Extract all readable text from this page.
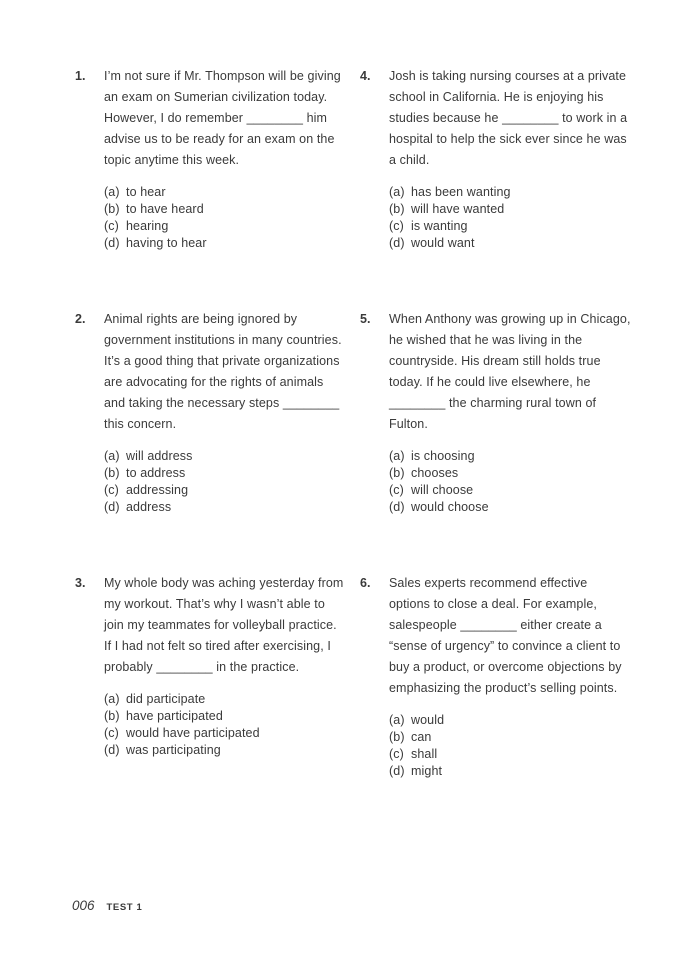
1.	I’m not sure if Mr. Thompson will be giving an exam on Sumerian civilization today. However, I do remember ________ him advise us to be ready for an exam on the topic anytime this week.

(a) to hear
(b) to have heard
(c) hearing
(d) having to hear
4.	Josh is taking nursing courses at a private school in California. He is enjoying his studies because he ________ to work in a hospital to help the sick ever since he was a child.

(a) has been wanting
(b) will have wanted
(c) is wanting
(d) would want
2.	Animal rights are being ignored by government institutions in many countries. It’s a good thing that private organizations are advocating for the rights of animals and taking the necessary steps ________ this concern.

(a) will address
(b) to address
(c) addressing
(d) address
5.	When Anthony was growing up in Chicago, he wished that he was living in the countryside. His dream still holds true today. If he could live elsewhere, he ________ the charming rural town of Fulton.

(a) is choosing
(b) chooses
(c) will choose
(d) would choose
3.	My whole body was aching yesterday from my workout. That’s why I wasn’t able to join my teammates for volleyball practice. If I had not felt so tired after exercising, I probably ________ in the practice.

(a) did participate
(b) have participated
(c) would have participated
(d) was participating
6.	Sales experts recommend effective options to close a deal. For example, salespeople ________ either create a “sense of urgency” to convince a client to buy a product, or overcome objections by emphasizing the product’s selling points.

(a) would
(b) can
(c) shall
(d) might
006 TEST 1
